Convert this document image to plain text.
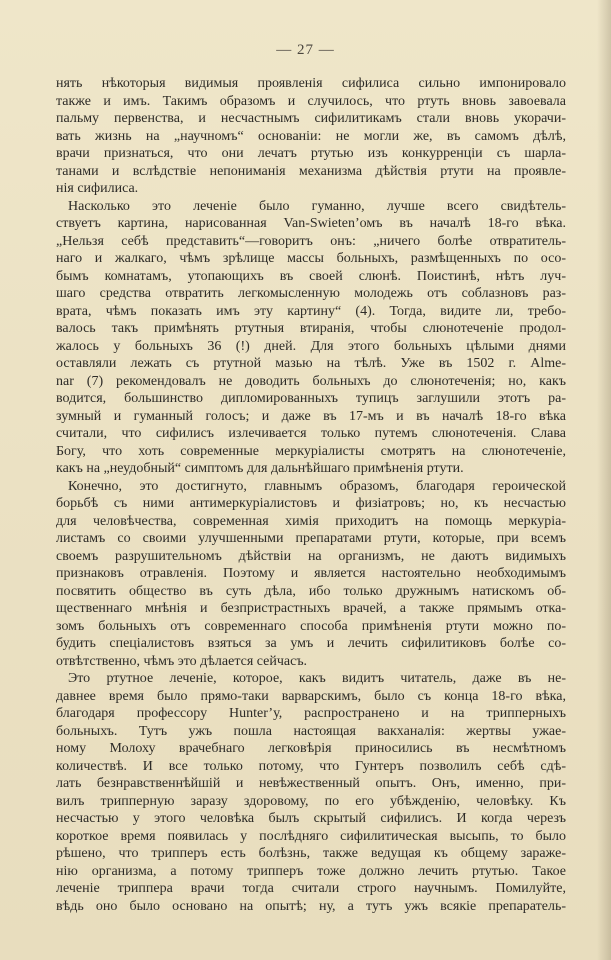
— 27 —
нять нѣкоторыя видимыя проявленія сифилиса сильно импонировало
также и имъ. Такимъ образомъ и случилось, что ртуть вновь завоевала
пальму первенства, и несчастнымъ сифилитикамъ стали вновь укорачи-
вать жизнь на „научномъ“ основаніи: не могли же, въ самомъ дѣлѣ,
врачи признаться, что они лечатъ ртутью изъ конкурренціи съ шарла-
танами и вслѣдствіе непониманія механизма дѣйствія ртути на проявле-
нія сифилиса.
Насколько это леченіе было гуманно, лучше всего свидѣтель-
ствуетъ картина, нарисованная Van-Swieten’омъ въ началѣ 18-го вѣка.
„Нельзя себѣ представить“—говоритъ онъ: „ничего болѣе отвратитель-
наго и жалкаго, чѣмъ зрѣлище массы больныхъ, размѣщенныхъ по осо-
бымъ комнатамъ, утопающихъ въ своей слюнѣ. Поистинѣ, нѣтъ луч-
шаго средства отвратить легкомысленную молодежь отъ соблазновъ раз-
врата, чѣмъ показать имъ эту картину“ (4). Тогда, видите ли, требо-
валось такъ примѣнять ртутныя втиранія, чтобы слюнотеченіе продол-
жалось у больныхъ 36 (!) дней. Для этого больныхъ цѣлыми днями
оставляли лежать съ ртутной мазью на тѣлѣ. Уже въ 1502 г. Alme-
nar (7) рекомендовалъ не доводить больныхъ до слюнотеченія; но, какъ
водится, большинство дипломированныхъ тупицъ заглушили этотъ ра-
зумный и гуманный голосъ; и даже въ 17-мъ и въ началѣ 18-го вѣка
считали, что сифилисъ излечивается только путемъ слюнотеченія. Слава
Богу, что хоть современные меркуріалисты смотрятъ на слюнотеченіе,
какъ на „неудобный“ симптомъ для дальнѣйшаго примѣненія ртути.
Конечно, это достигнуто, главнымъ образомъ, благодаря героической
борьбѣ съ ними антимеркуріалистовъ и физіатровъ; но, къ несчастью
для человѣчества, современная химія приходитъ на помощь меркуріа-
листамъ со своими улучшенными препаратами ртути, которые, при всемъ
своемъ разрушительномъ дѣйствіи на организмъ, не даютъ видимыхъ
признаковъ отравленія. Поэтому и является настоятельно необходимымъ
посвятить общество въ суть дѣла, ибо только дружнымъ натискомъ об-
щественнаго мнѣнія и безпристрастныхъ врачей, а также прямымъ отка-
зомъ больныхъ отъ современнаго способа примѣненія ртути можно по-
будить спеціалистовъ взяться за умъ и лечить сифилитиковъ болѣе со-
отвѣтственно, чѣмъ это дѣлается сейчасъ.
Это ртутное леченіе, которое, какъ видитъ читатель, даже въ не-
давнее время было прямо-таки варварскимъ, было съ конца 18-го вѣка,
благодаря профессору Hunter’у, распространено и на трипперныхъ
больныхъ. Тутъ ужъ пошла настоящая вакханалія: жертвы ужае-
ному Молоху врачебнаго легковѣрія приносились въ несмѣтномъ
количествѣ. И все только потому, что Гунтеръ позволилъ себѣ сдѣ-
лать безнравственнѣйшій и невѣжественный опытъ. Онъ, именно, при-
вилъ трипперную заразу здоровому, по его убѣжденію, человѣку. Къ
несчастью у этого человѣка былъ скрытый сифилисъ. И когда черезъ
короткое время появилась у послѣдняго сифилитическая высыпь, то было
рѣшено, что трипперъ есть болѣзнь, также ведущая къ общему зараже-
нію организма, а потому трипперъ тоже должно лечить ртутью. Такое
леченіе триппера врачи тогда считали строго научнымъ. Помилуйте,
вѣдь оно было основано на опытѣ; ну, а тутъ ужъ всякіе препаратель-
